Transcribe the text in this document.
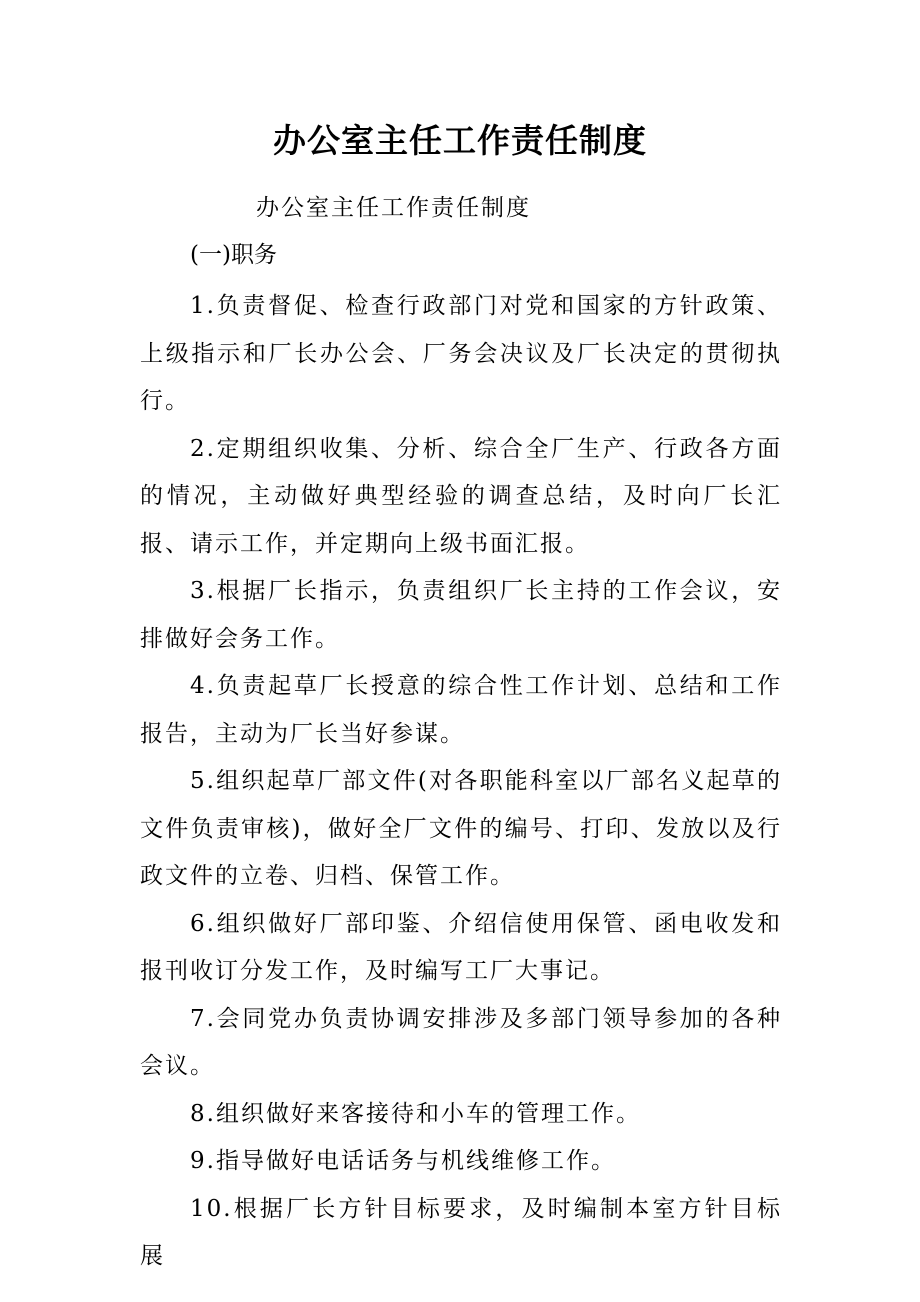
办公室主任工作责任制度
办公室主任工作责任制度
(一)职务

1.负责督促、检查行政部门对党和国家的方针政策、上级指示和厂长办公会、厂务会决议及厂长决定的贯彻执行。

2.定期组织收集、分析、综合全厂生产、行政各方面的情况，主动做好典型经验的调查总结，及时向厂长汇报、请示工作，并定期向上级书面汇报。

3.根据厂长指示，负责组织厂长主持的工作会议，安排做好会务工作。

4.负责起草厂长授意的综合性工作计划、总结和工作报告，主动为厂长当好参谋。

5.组织起草厂部文件(对各职能科室以厂部名义起草的文件负责审核)，做好全厂文件的编号、打印、发放以及行政文件的立卷、归档、保管工作。

6.组织做好厂部印鉴、介绍信使用保管、函电收发和报刊收订分发工作，及时编写工厂大事记。

7.会同党办负责协调安排涉及多部门领导参加的各种会议。

8.组织做好来客接待和小车的管理工作。

9.指导做好电话话务与机线维修工作。

10.根据厂长方针目标要求，及时编制本室方针目标展
